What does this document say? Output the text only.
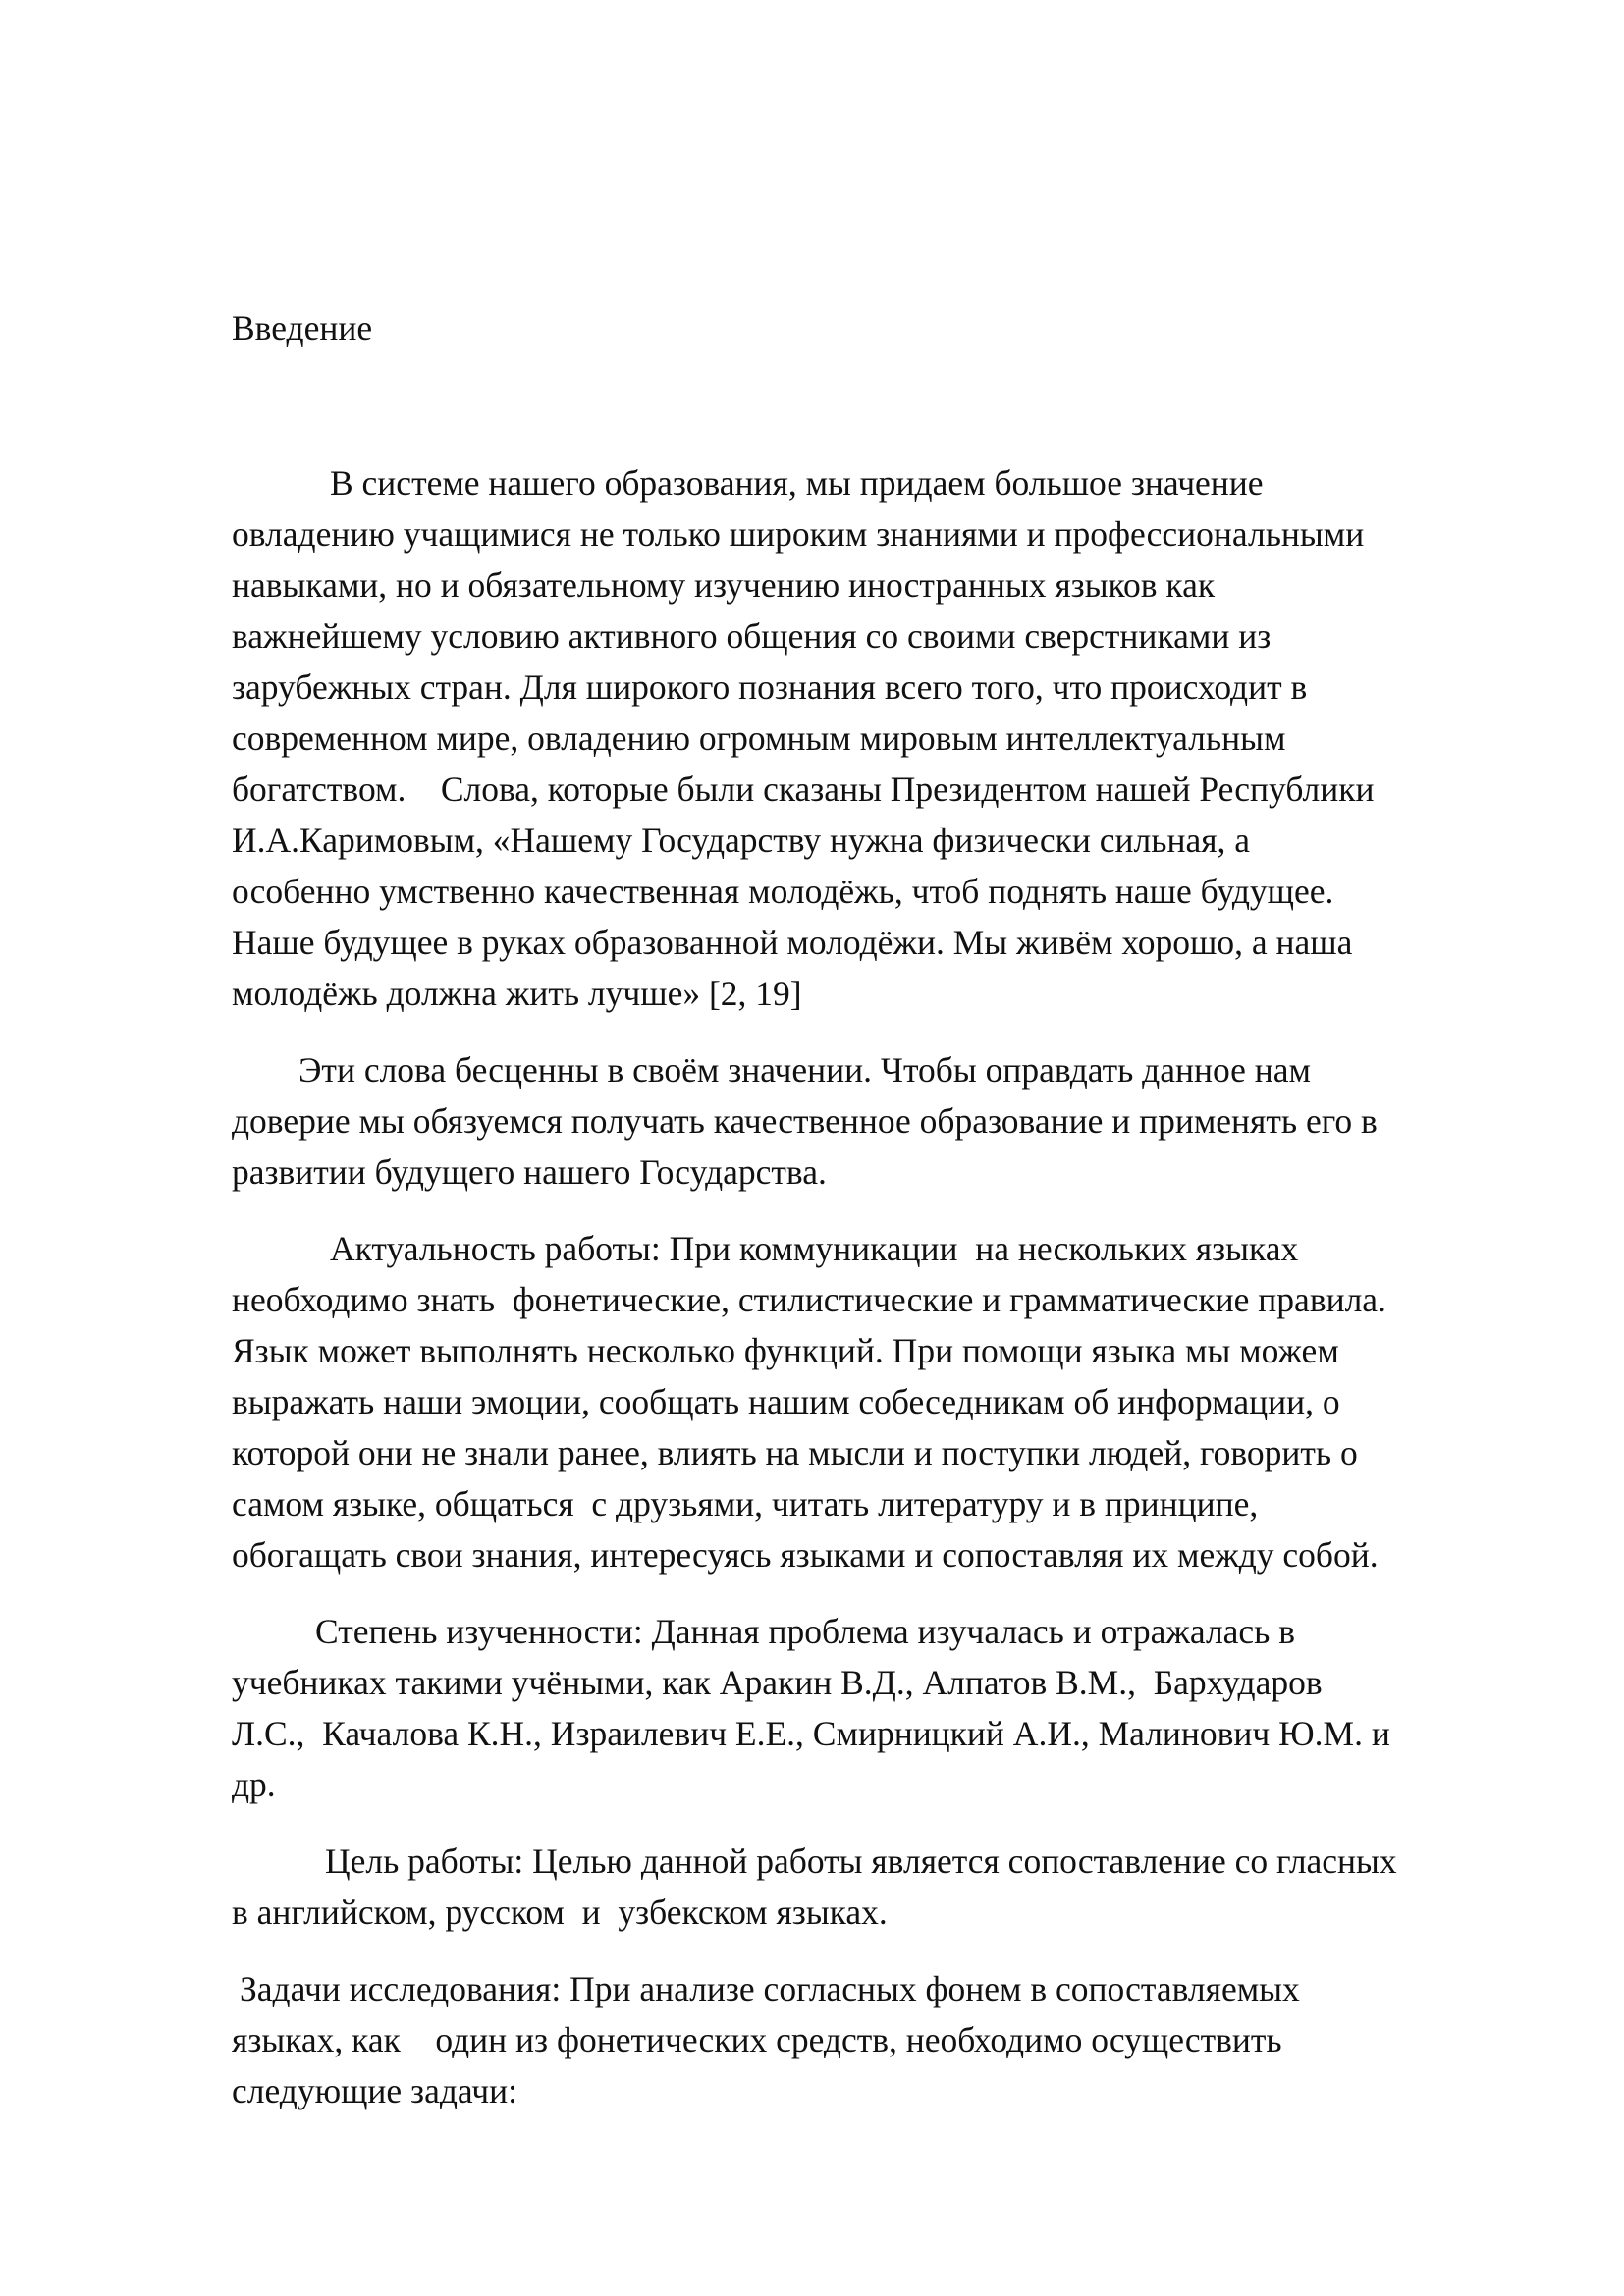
Введение

В системе нашего образования, мы придаем большое значение
овладению учащимися не только широким знаниями и профессиональными
навыками, но и обязательному изучению иностранных языков как
важнейшему условию активного общения со своими сверстниками из
зарубежных стран. Для широкого познания всего того, что происходит в
современном мире, овладению огромным мировым интеллектуальным
богатством.    Слова, которые были сказаны Президентом нашей Республики
И.А.Каримовым, «Нашему Государству нужна физически сильная, а
особенно умственно качественная молодёжь, чтоб поднять наше будущее.
Наше будущее в руках образованной молодёжи. Мы живём хорошо, а наша
молодёжь должна жить лучше» [2, 19]

Эти слова бесценны в своём значении. Чтобы оправдать данное нам
доверие мы обязуемся получать качественное образование и применять его в
развитии будущего нашего Государства.

Актуальность работы: При коммуникации  на нескольких языках
необходимо знать  фонетические, стилистические и грамматические правила.
Язык может выполнять несколько функций. При помощи языка мы можем
выражать наши эмоции, сообщать нашим собеседникам об информации, о
которой они не знали ранее, влиять на мысли и поступки людей, говорить о
самом языке, общаться  с друзьями, читать литературу и в принципе,
обогащать свои знания, интересуясь языками и сопоставляя их между собой.

Степень изученности: Данная проблема изучалась и отражалась в
учебниках такими учёными, как Аракин В.Д., Алпатов В.М.,  Бархударов
Л.С.,  Качалова К.Н., Израилевич Е.Е., Смирницкий А.И., Малинович Ю.М. и
др.

Цель работы: Целью данной работы является сопоставление со гласных
в английском, русском  и  узбекском языках.

Задачи исследования: При анализе согласных фонем в сопоставляемых
языках, как    один из фонетических средств, необходимо осуществить
следующие задачи:
